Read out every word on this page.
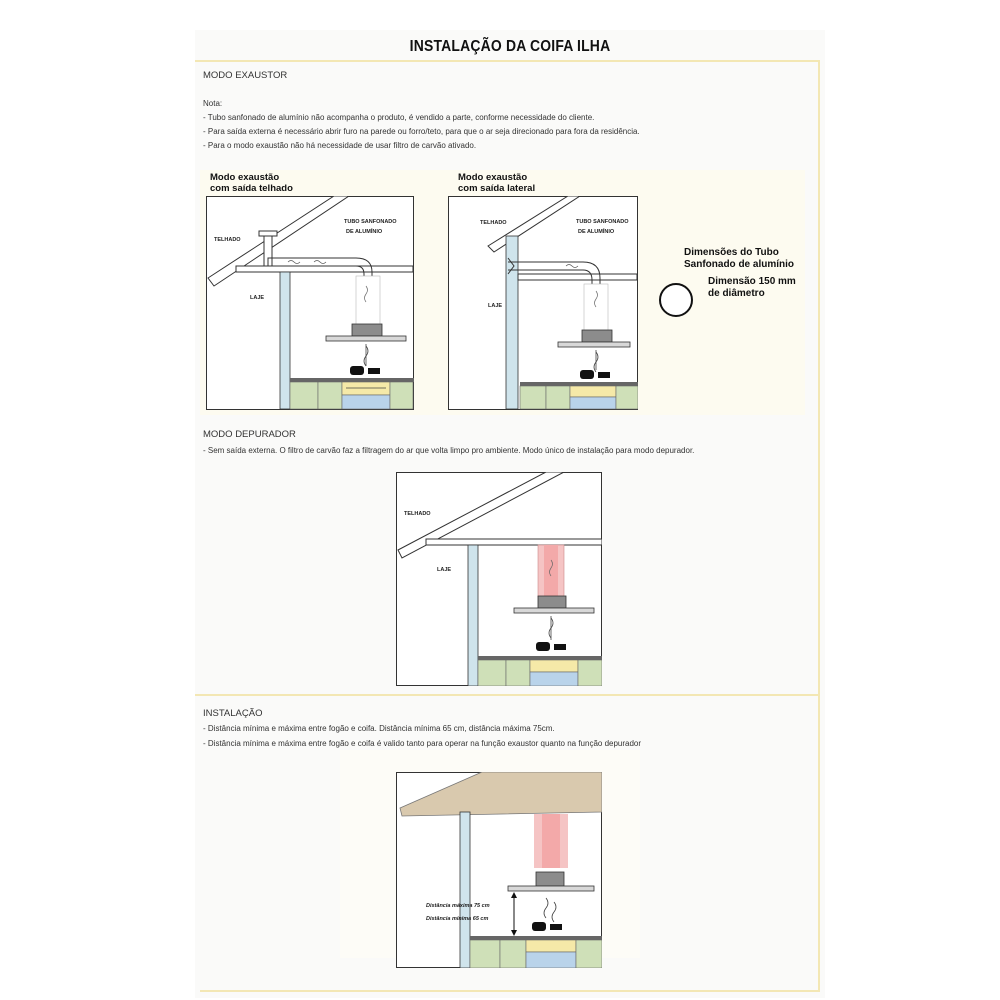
INSTALAÇÃO DA COIFA ILHA
MODO EXAUSTOR
Nota:
- Tubo sanfonado de alumínio não acompanha o produto, é vendido a parte, conforme necessidade do cliente.
- Para saída externa é necessário abrir furo na parede ou forro/teto, para que o ar seja direcionado para fora da residência.
- Para o modo exaustão não há necessidade de usar filtro de carvão ativado.
Modo exaustão
com saída telhado
TUBO SANFONADO
DE ALUMÍNIO
TELHADO
LAJE
Modo exaustão
com saída lateral
TUBO SANFONADO
DE ALUMÍNIO
TELHADO
LAJE
Dimensões do Tubo
Sanfonado de alumínio
Dimensão 150 mm
de diâmetro
MODO DEPURADOR
- Sem saída externa. O filtro de carvão faz a filtragem do ar que volta limpo pro ambiente. Modo único de instalação para modo depurador.
TELHADO
LAJE
INSTALAÇÃO
- Distância mínima e máxima entre fogão e coifa. Distância mínima 65 cm, distância máxima 75cm.
- Distância mínima e máxima entre fogão e coifa é valido tanto para operar na função exaustor quanto na função depurador
Distância máxima 75 cm
Distância mínima 65 cm
